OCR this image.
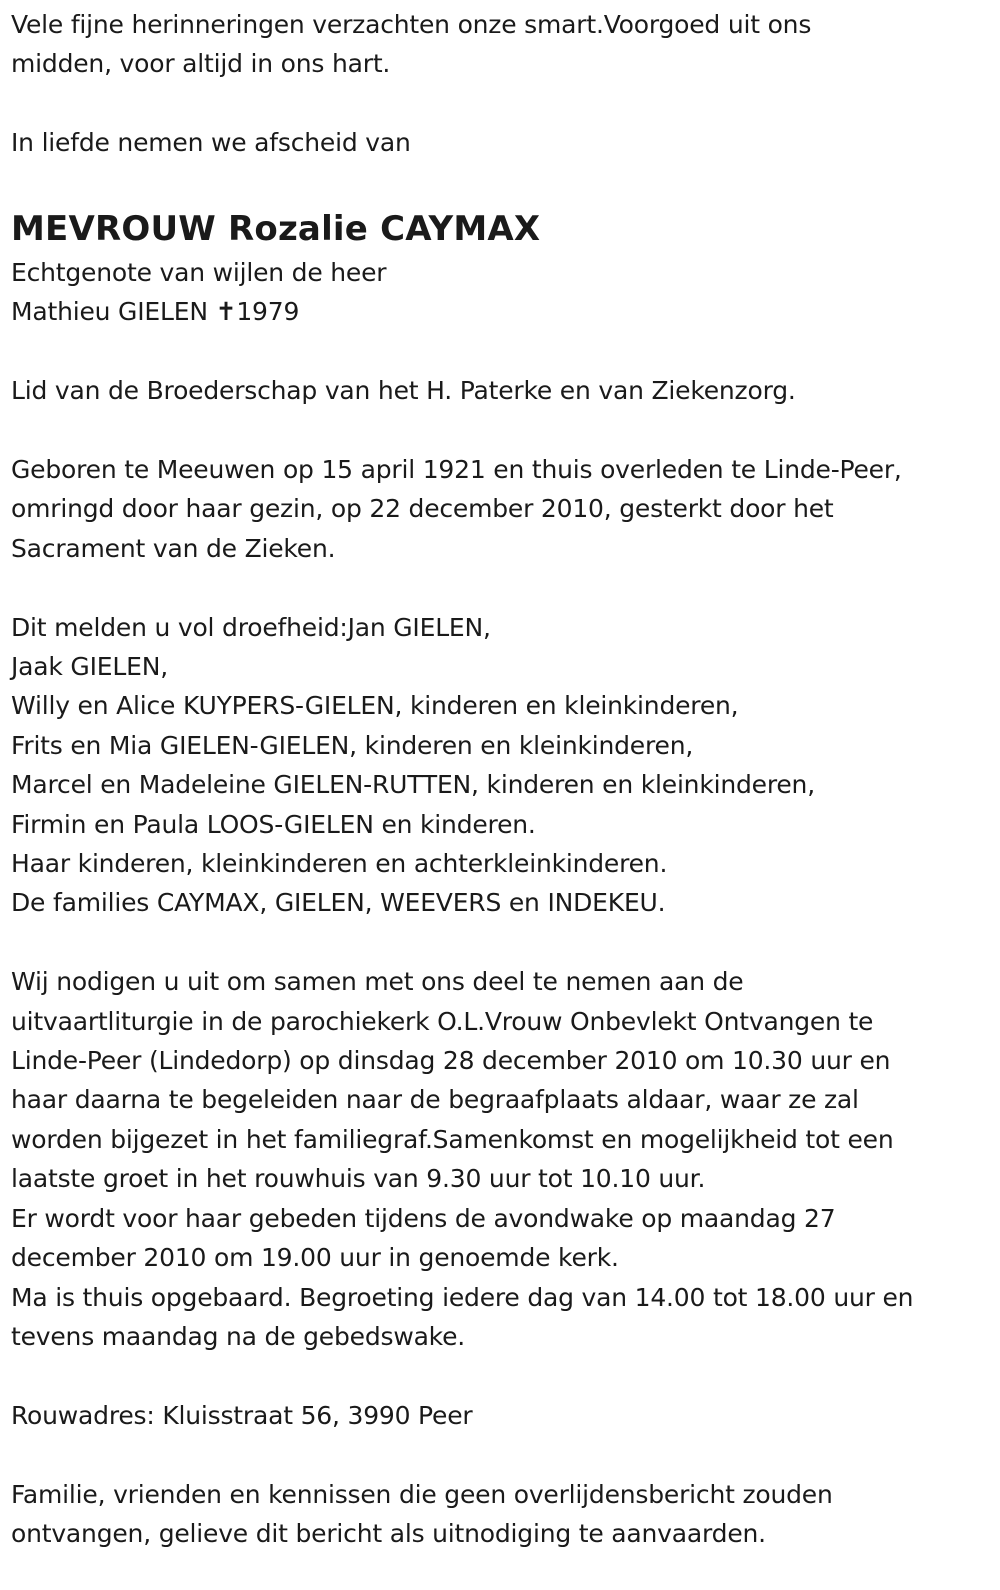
Vele fijne herinneringen verzachten onze smart.Voorgoed uit ons
midden, voor altijd in ons hart.
In liefde nemen we afscheid van
MEVROUW Rozalie CAYMAX
Echtgenote van wijlen de heer
Mathieu GIELEN ✝1979
Lid van de Broederschap van het H. Paterke en van Ziekenzorg.
Geboren te Meeuwen op 15 april 1921 en thuis overleden te Linde-Peer,
omringd door haar gezin, op 22 december 2010, gesterkt door het
Sacrament van de Zieken.
Dit melden u vol droefheid:Jan GIELEN,
Jaak GIELEN,
Willy en Alice KUYPERS-GIELEN, kinderen en kleinkinderen,
Frits en Mia GIELEN-GIELEN, kinderen en kleinkinderen,
Marcel en Madeleine GIELEN-RUTTEN, kinderen en kleinkinderen,
Firmin en Paula LOOS-GIELEN en kinderen.
Haar kinderen, kleinkinderen en achterkleinkinderen.
De families CAYMAX, GIELEN, WEEVERS en INDEKEU.
Wij nodigen u uit om samen met ons deel te nemen aan de
uitvaartliturgie in de parochiekerk O.L.Vrouw Onbevlekt Ontvangen te
Linde-Peer (Lindedorp) op dinsdag 28 december 2010 om 10.30 uur en
haar daarna te begeleiden naar de begraafplaats aldaar, waar ze zal
worden bijgezet in het familiegraf.Samenkomst en mogelijkheid tot een
laatste groet in het rouwhuis van 9.30 uur tot 10.10 uur.
Er wordt voor haar gebeden tijdens de avondwake op maandag 27
december 2010 om 19.00 uur in genoemde kerk.
Ma is thuis opgebaard. Begroeting iedere dag van 14.00 tot 18.00 uur en
tevens maandag na de gebedswake.
Rouwadres: Kluisstraat 56, 3990 Peer
Familie, vrienden en kennissen die geen overlijdensbericht zouden
ontvangen, gelieve dit bericht als uitnodiging te aanvaarden.
